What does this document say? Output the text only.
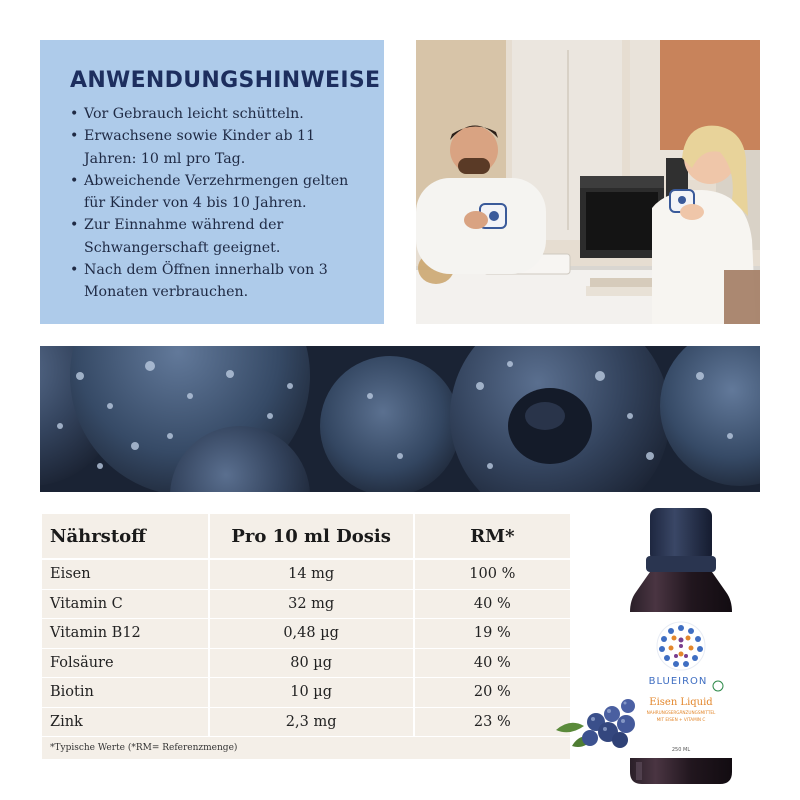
ANWENDUNGSHINWEISE
• Vor Gebrauch leicht schütteln.
• Erwachsene sowie Kinder ab 11 Jahren: 10 ml pro Tag.
• Abweichende Verzehrmengen gelten für Kinder von 4 bis 10 Jahren.
• Zur Einnahme während der Schwangerschaft geeignet.
• Nach dem Öffnen innerhalb von 3 Monaten verbrauchen.
Nährstoff	Pro 10 ml Dosis	RM*
Eisen	14 mg	100 %
Vitamin C	32 mg	40 %
Vitamin B12	0,48 µg	19 %
Folsäure	80 µg	40 %
Biotin	10 µg	20 %
Zink	2,3 mg	23 %
*Typische Werte (*RM= Referenzmenge)
BLUEIRON
Eisen Liquid
NAHRUNGSERGÄNZUNGSMITTEL
MIT EISEN + VITAMIN C
250 ML
